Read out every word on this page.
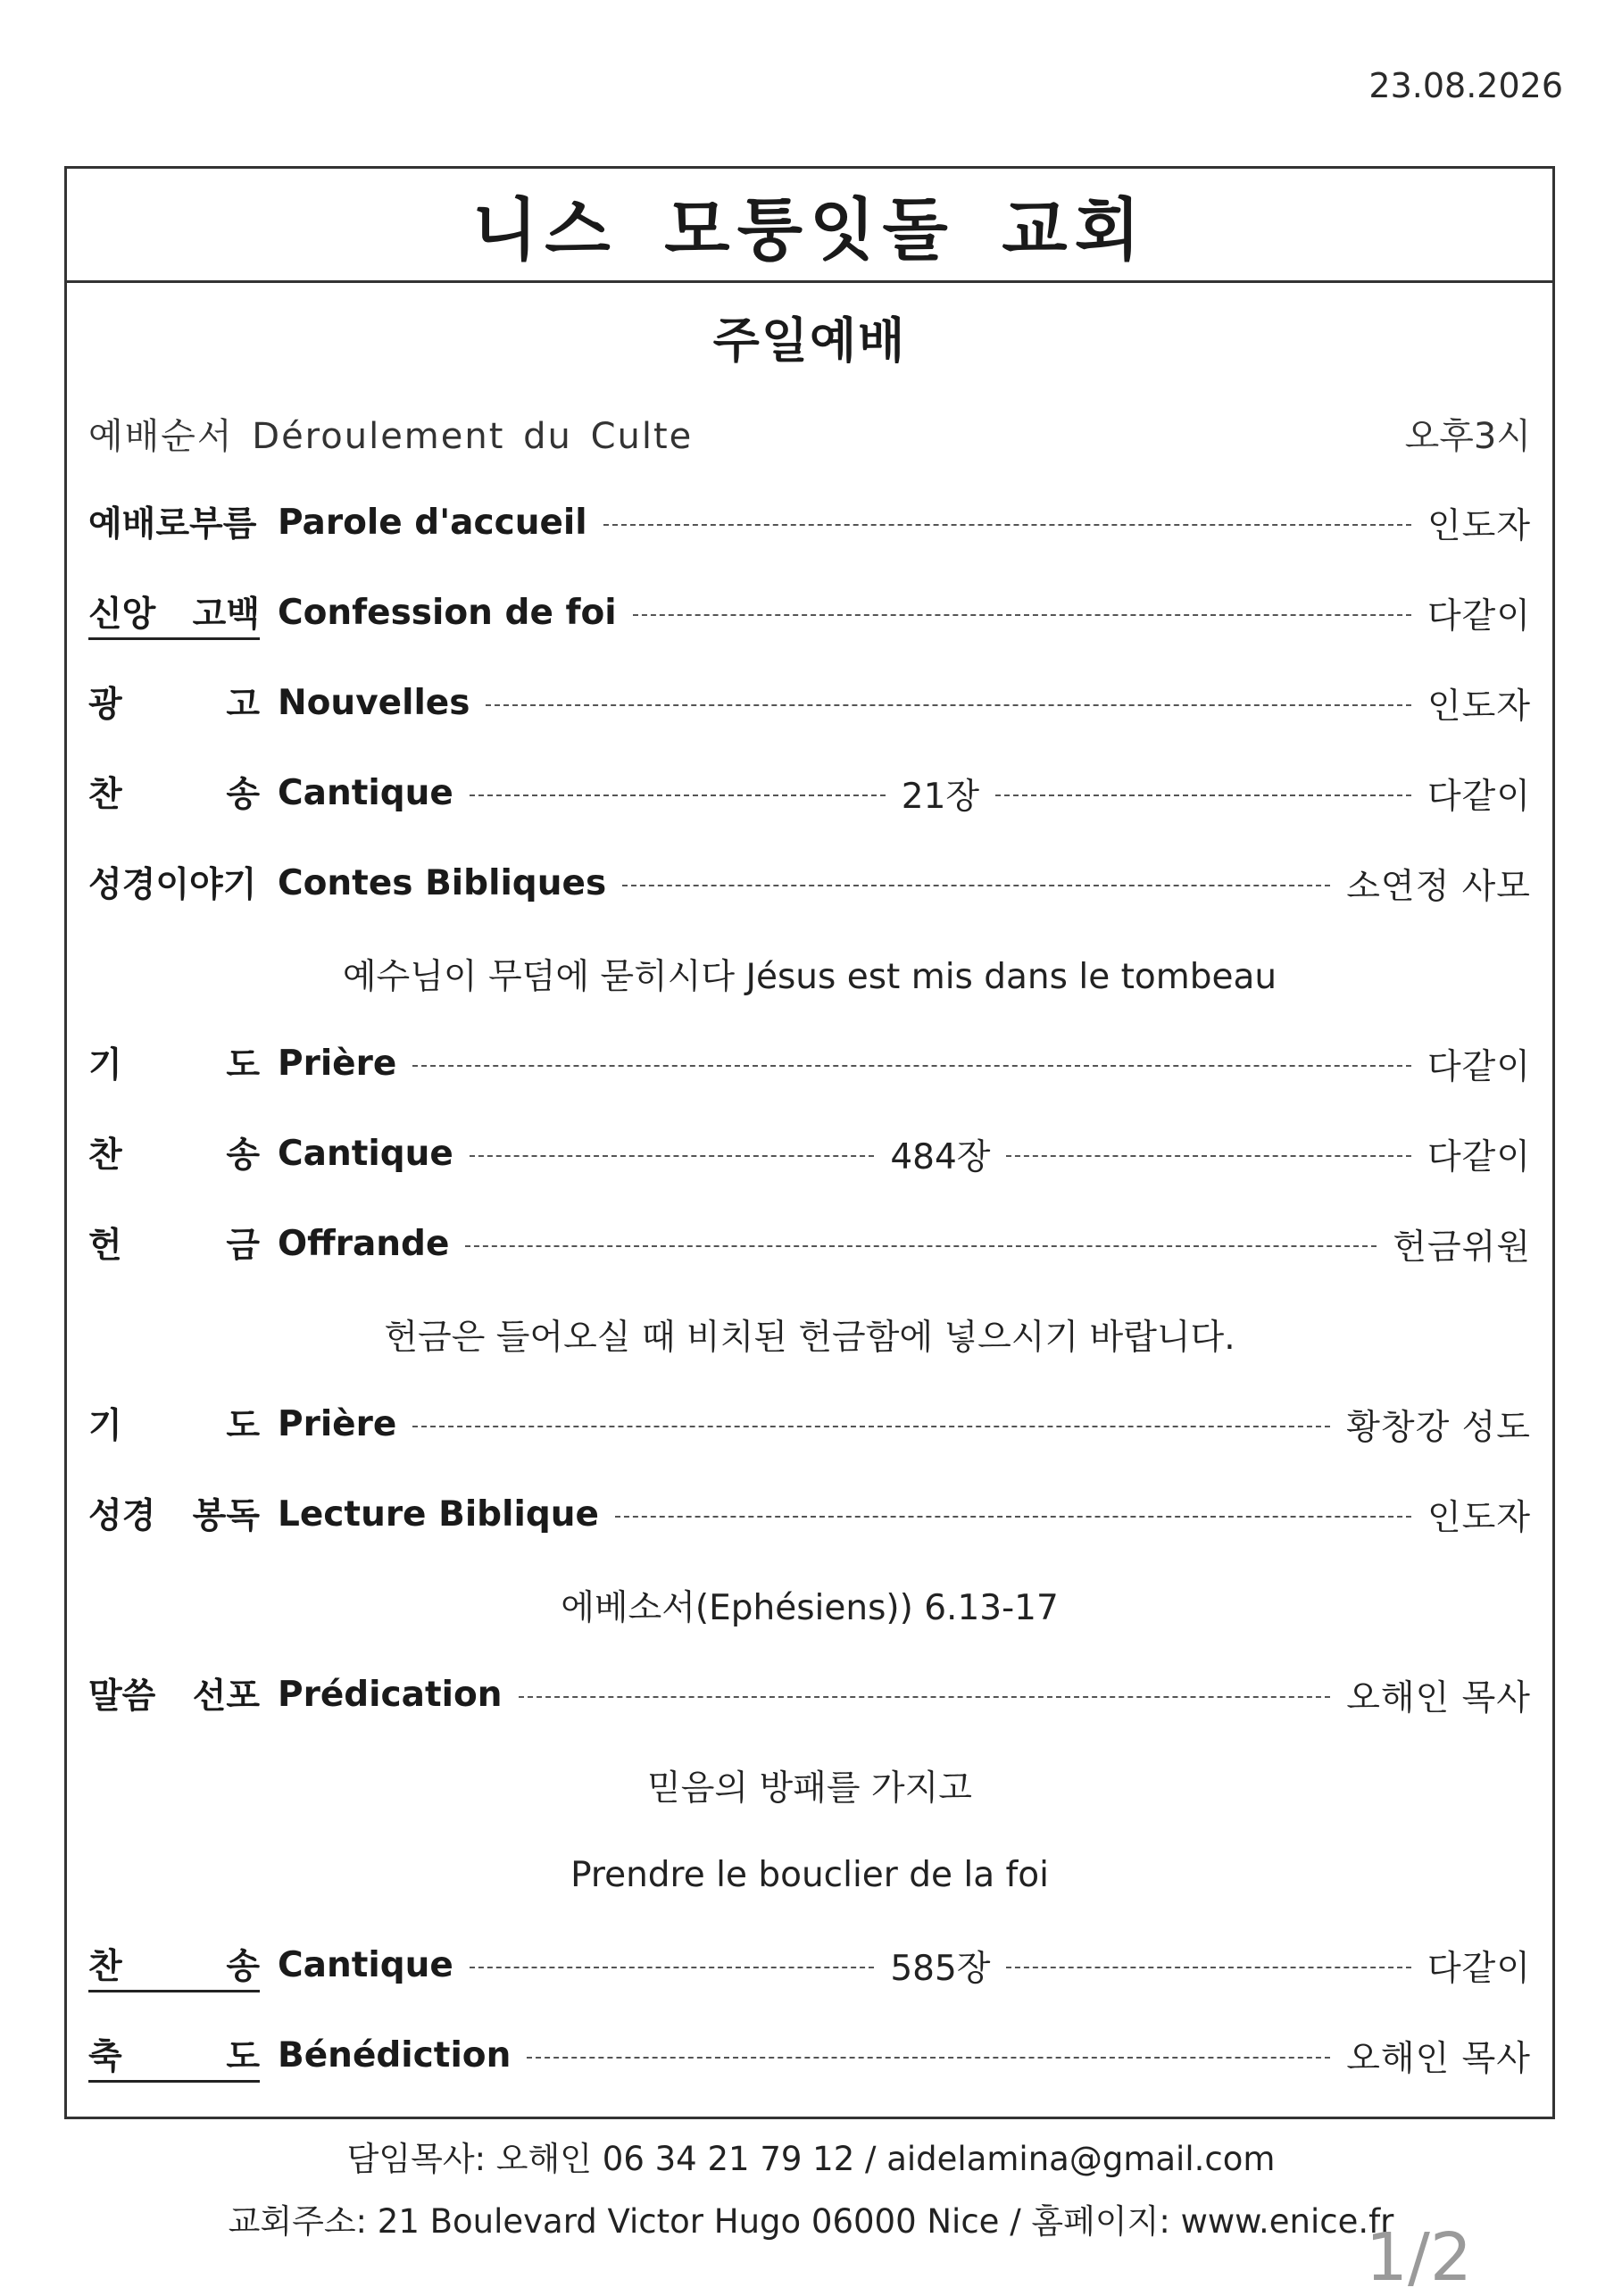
23.08.2026
니스 모퉁잇돌 교회
주일예배
예배순서 Déroulement du Culte	오후3시
예배로부름 Parole d'accueil	인도자
신앙 고백 Confession de foi	다같이
광	고 Nouvelles	인도자
찬	송 Cantique	21장	다같이
성경이야기 Contes Bibliques	소연정 사모
예수님이 무덤에 묻히시다 Jésus est mis dans le tombeau
기	도 Prière	다같이
찬	송 Cantique	484장	다같이
헌	금 Offrande	헌금위원
헌금은 들어오실 때 비치된 헌금함에 넣으시기 바랍니다.
기	도 Prière	황창강 성도
성경 봉독 Lecture Biblique	인도자
에베소서(Ephésiens)) 6.13-17
말씀 선포 Prédication	오해인 목사
믿음의 방패를 가지고
Prendre le bouclier de la foi
찬	송 Cantique	585장	다같이
축	도 Bénédiction	오해인 목사
담임목사: 오해인 06 34 21 79 12 / aidelamina@gmail.com
교회주소: 21 Boulevard Victor Hugo 06000 Nice / 홈페이지: www.enice.fr
1/2
